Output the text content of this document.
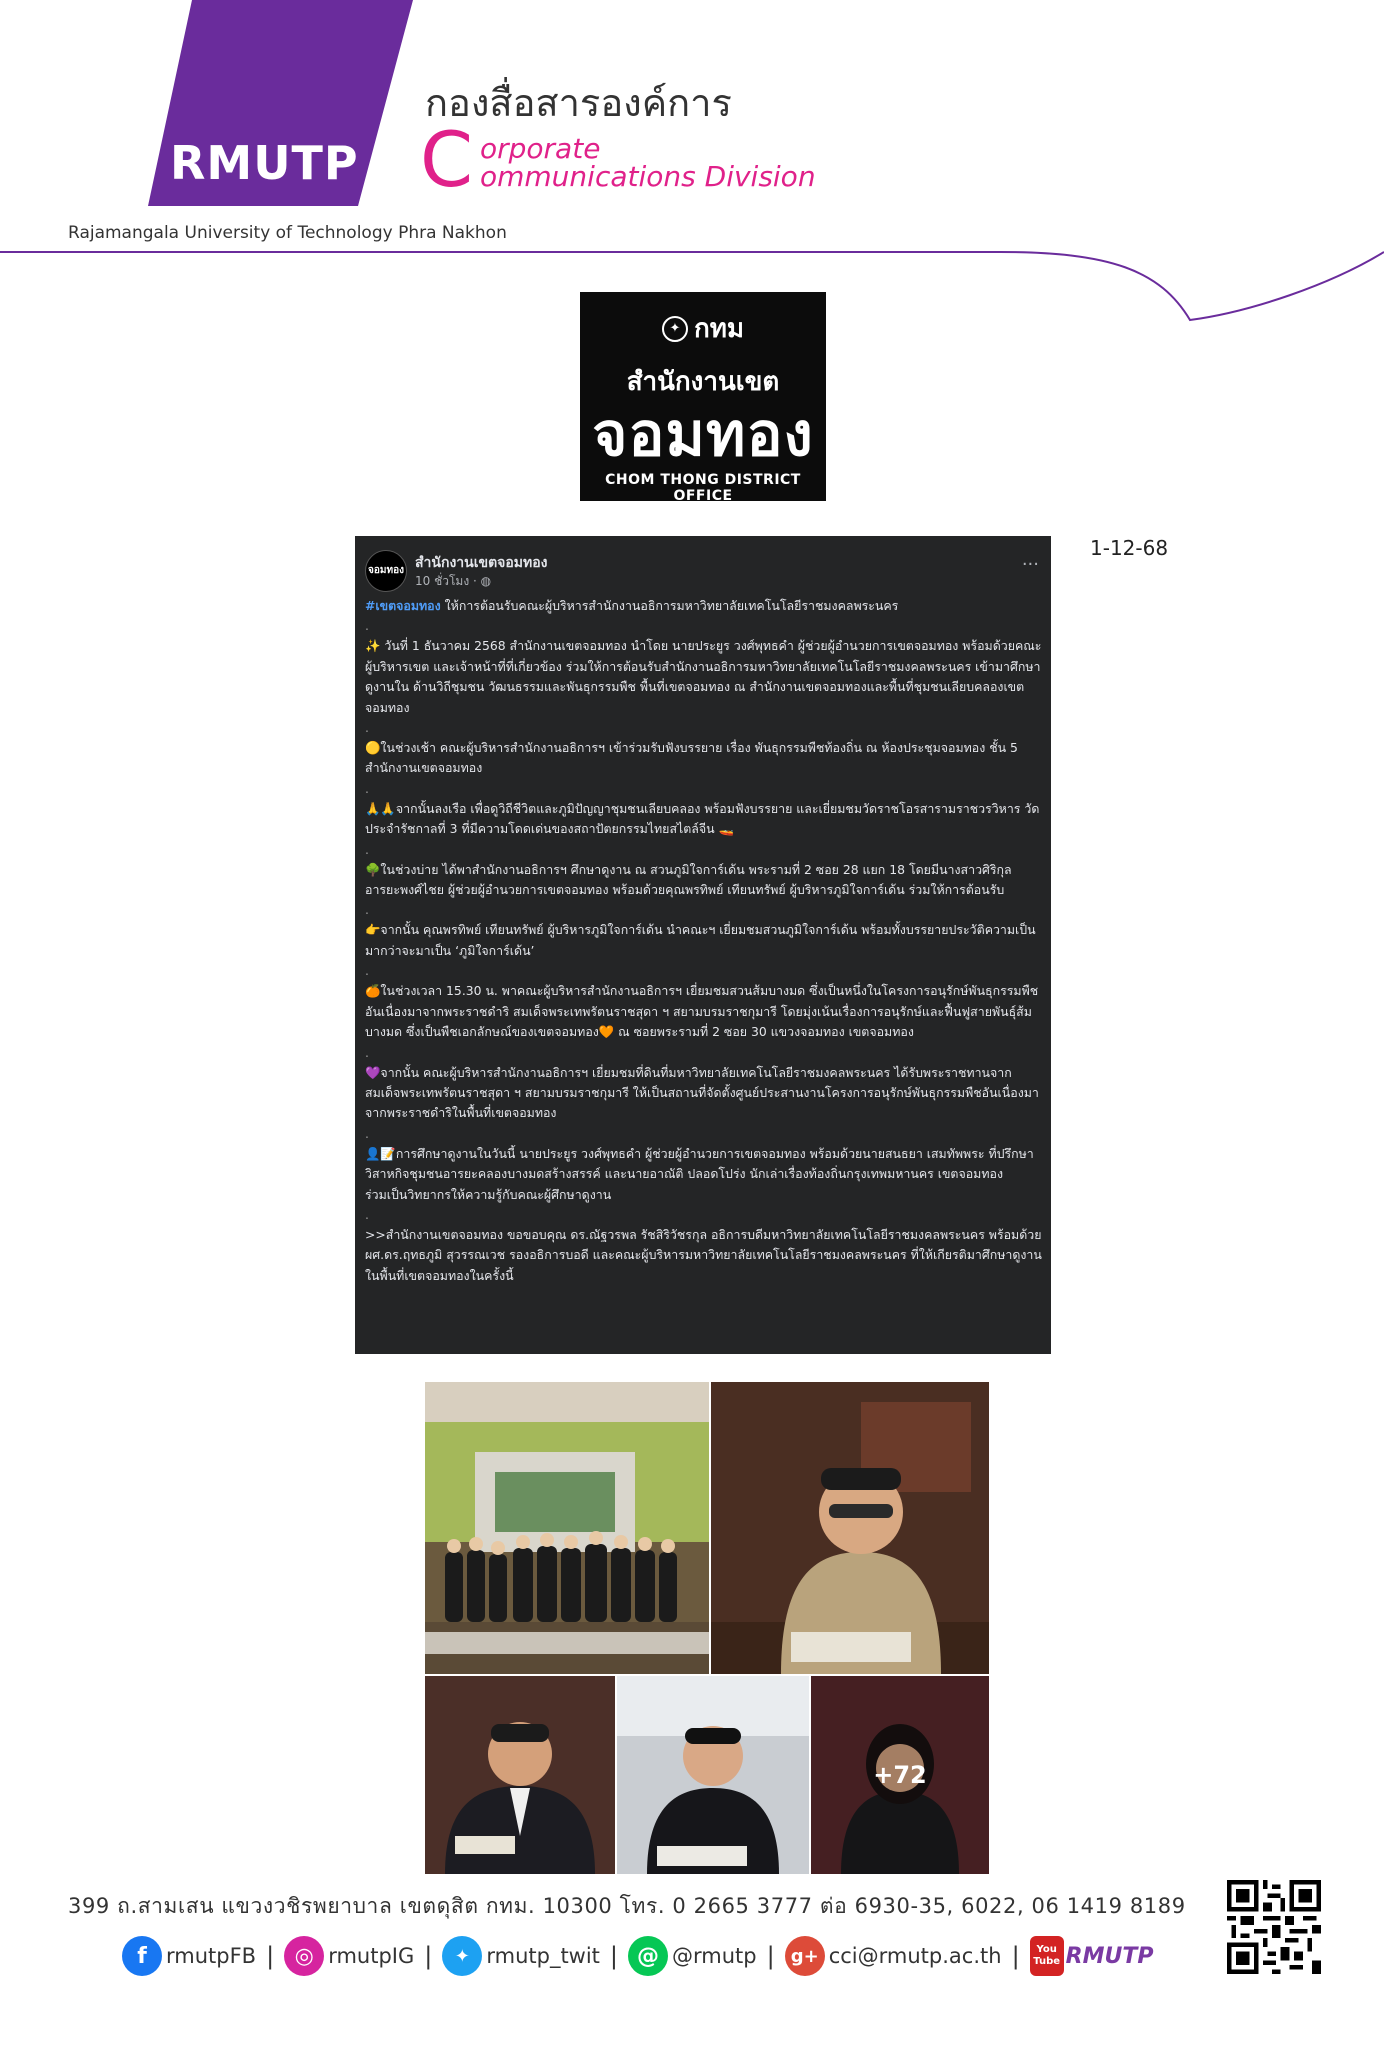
RMUTP
กองสื่อสารองค์การ
C orporate
ommunications Division
Rajamangala University of Technology Phra Nakhon
✦ กทม
สำนักงานเขต
จอมทอง
CHOM THONG DISTRICT OFFICE
1-12-68
จอมทอง สำนักงานเขตจอมทอง
10 ชั่วโมง · ◍
···

#เขตจอมทอง ให้การต้อนรับคณะผู้บริหารสำนักงานอธิการมหาวิทยาลัยเทคโนโลยีราชมงคลพระนคร

.

✨ วันที่ 1 ธันวาคม 2568 สำนักงานเขตจอมทอง นำโดย นายประยูร วงศ์พุทธคำ ผู้ช่วยผู้อำนวยการเขตจอมทอง พร้อมด้วยคณะผู้บริหารเขต และเจ้าหน้าที่ที่เกี่ยวข้อง ร่วมให้การต้อนรับสำนักงานอธิการมหาวิทยาลัยเทคโนโลยีราชมงคลพระนคร เข้ามาศึกษาดูงานใน ด้านวิถีชุมชน วัฒนธรรมและพันธุกรรมพืช พื้นที่เขตจอมทอง ณ สำนักงานเขตจอมทองและพื้นที่ชุมชนเลียบคลองเขตจอมทอง

.

🟡ในช่วงเช้า คณะผู้บริหารสำนักงานอธิการฯ เข้าร่วมรับฟังบรรยาย เรื่อง พันธุกรรมพืชท้องถิ่น ณ ห้องประชุมจอมทอง ชั้น 5 สำนักงานเขตจอมทอง

.

🙏🙏จากนั้นลงเรือ เพื่อดูวิถีชีวิตและภูมิปัญญาชุมชนเลียบคลอง พร้อมฟังบรรยาย และเยี่ยมชมวัดราชโอรสารามราชวรวิหาร วัดประจำรัชกาลที่ 3 ที่มีความโดดเด่นของสถาปัตยกรรมไทยสไตล์จีน 🚤

.

🌳ในช่วงบ่าย ได้พาสำนักงานอธิการฯ ศึกษาดูงาน ณ สวนภูมิใจการ์เด้น พระรามที่ 2 ซอย 28 แยก 18 โดยมีนางสาวศิริกุล อารยะพงศ์ไชย ผู้ช่วยผู้อำนวยการเขตจอมทอง พร้อมด้วยคุณพรทิพย์ เทียนทรัพย์ ผู้บริหารภูมิใจการ์เด้น ร่วมให้การต้อนรับ

.

👉จากนั้น คุณพรทิพย์ เทียนทรัพย์ ผู้บริหารภูมิใจการ์เด้น นำคณะฯ เยี่ยมชมสวนภูมิใจการ์เด้น พร้อมทั้งบรรยายประวัติความเป็นมากว่าจะมาเป็น ‘ภูมิใจการ์เด้น’

.

🍊ในช่วงเวลา 15.30 น. พาคณะผู้บริหารสำนักงานอธิการฯ เยี่ยมชมสวนส้มบางมด ซึ่งเป็นหนึ่งในโครงการอนุรักษ์พันธุกรรมพืชอันเนื่องมาจากพระราชดำริ สมเด็จพระเทพรัตนราชสุดา ฯ สยามบรมราชกุมารี โดยมุ่งเน้นเรื่องการอนุรักษ์และฟื้นฟูสายพันธุ์ส้มบางมด ซึ่งเป็นพืชเอกลักษณ์ของเขตจอมทอง🧡 ณ ซอยพระรามที่ 2 ซอย 30 แขวงจอมทอง เขตจอมทอง

.

💜จากนั้น คณะผู้บริหารสำนักงานอธิการฯ เยี่ยมชมที่ดินที่มหาวิทยาลัยเทคโนโลยีราชมงคลพระนคร ได้รับพระราชทานจาก สมเด็จพระเทพรัตนราชสุดา ฯ สยามบรมราชกุมารี ให้เป็นสถานที่จัดตั้งศูนย์ประสานงานโครงการอนุรักษ์พันธุกรรมพืชอันเนื่องมาจากพระราชดำริในพื้นที่เขตจอมทอง

.

👤📝การศึกษาดูงานในวันนี้ นายประยูร วงศ์พุทธคำ ผู้ช่วยผู้อำนวยการเขตจอมทอง พร้อมด้วยนายสนธยา เสมทัพพระ ที่ปรึกษา วิสาหกิจชุมชนอารยะคลองบางมดสร้างสรรค์ และนายอาณัติ ปลอดโปร่ง นักเล่าเรื่องท้องถิ่นกรุงเทพมหานคร เขตจอมทอง

ร่วมเป็นวิทยากรให้ความรู้กับคณะผู้ศึกษาดูงาน

.

>>สำนักงานเขตจอมทอง ขอขอบคุณ ดร.ณัฐวรพล รัชสิริวัชรกุล อธิการบดีมหาวิทยาลัยเทคโนโลยีราชมงคลพระนคร พร้อมด้วย ผศ.ดร.ฤทธภูมิ สุวรรณเวช รองอธิการบอดี และคณะผู้บริหารมหาวิทยาลัยเทคโนโลยีราชมงคลพระนคร ที่ให้เกียรติมาศึกษาดูงานในพื้นที่เขตจอมทองในครั้งนี้

+72
399 ถ.สามเสน แขวงวชิรพยาบาล เขตดุสิต กทม. 10300 โทร. 0 2665 3777 ต่อ 6930-35, 6022, 06 1419 8189
f rmutpFB | ◎ rmutpIG |	✦ rmutp_twit | @ @rmutp | g+ cci@rmutp.ac.th | You
Tube RMUTP
